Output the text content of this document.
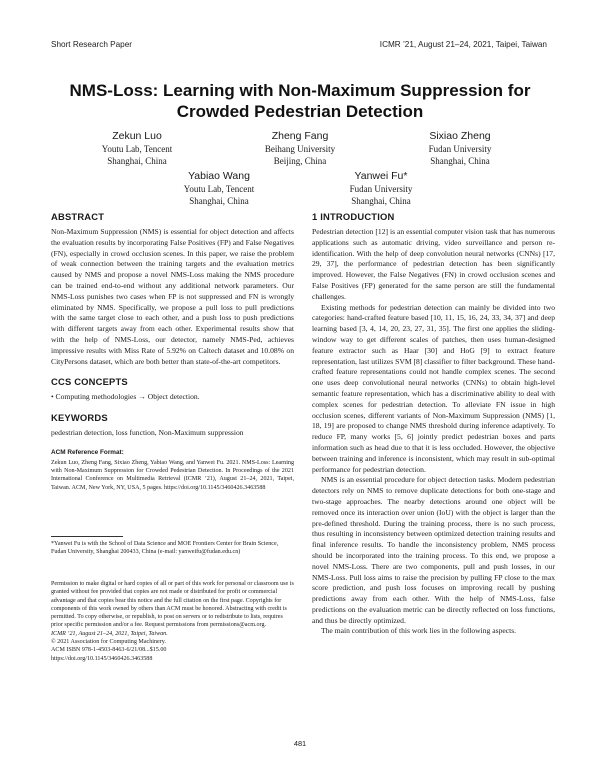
Short Research Paper	ICMR ’21, August 21–24, 2021, Taipei, Taiwan
NMS-Loss: Learning with Non-Maximum Suppression for
Crowded Pedestrian Detection
Zekun Luo
Youtu Lab, Tencent
Shanghai, China
Zheng Fang
Beihang University
Beijing, China
Sixiao Zheng
Fudan University
Shanghai, China
Yabiao Wang
Youtu Lab, Tencent
Shanghai, China
Yanwei Fu*
Fudan University
Shanghai, China
ABSTRACT

Non-Maximum Suppression (NMS) is essential for object detection and affects the evaluation results by incorporating False Positives (FP) and False Negatives (FN), especially in crowd occlusion scenes. In this paper, we raise the problem of weak connection between the training targets and the evaluation metrics caused by NMS and propose a novel NMS-Loss making the NMS procedure can be trained end-to-end without any additional network parameters. Our NMS-Loss punishes two cases when FP is not suppressed and FN is wrongly eliminated by NMS. Specifically, we propose a pull loss to pull predictions with the same target close to each other, and a push loss to push predictions with different targets away from each other. Experimental results show that with the help of NMS-Loss, our detector, namely NMS-Ped, achieves impressive results with Miss Rate of 5.92% on Caltech dataset and 10.08% on CityPersons dataset, which are both better than state-of-the-art competitors.

CCS CONCEPTS

• Computing methodologies → Object detection.

KEYWORDS

pedestrian detection, loss function, Non-Maximum suppression

ACM Reference Format:

Zekun Luo, Zheng Fang, Sixiao Zheng, Yabiao Wang, and Yanwei Fu. 2021. NMS-Loss: Learning with Non-Maximum Suppression for Crowded Pedestrian Detection. In Proceedings of the 2021 International Conference on Multimedia Retrieval (ICMR ’21), August 21–24, 2021, Taipei, Taiwan. ACM, New York, NY, USA, 5 pages. https://doi.org/10.1145/3460426.3463588

*Yanwei Fu is with the School of Data Science and MOE Frontiers Center for Brain Science, Fudan University, Shanghai 200433, China (e-mail: yanweifu@fudan.edu.cn)

Permission to make digital or hard copies of all or part of this work for personal or classroom use is granted without fee provided that copies are not made or distributed for profit or commercial advantage and that copies bear this notice and the full citation on the first page. Copyrights for components of this work owned by others than ACM must be honored. Abstracting with credit is permitted. To copy otherwise, or republish, to post on servers or to redistribute to lists, requires prior specific permission and/or a fee. Request permissions from permissions@acm.org.

ICMR ’21, August 21–24, 2021, Taipei, Taiwan.

© 2021 Association for Computing Machinery.

ACM ISBN 978-1-4503-8463-6/21/08...$15.00

https://doi.org/10.1145/3460426.3463588

1 INTRODUCTION

Pedestrian detection [12] is an essential computer vision task that has numerous applications such as automatic driving, video surveillance and person re-identification. With the help of deep convolution neural networks (CNNs) [17, 29, 37], the performance of pedestrian detection has been significantly improved. However, the False Negatives (FN) in crowd occlusion scenes and False Positives (FP) generated for the same person are still the fundamental challenges.

Existing methods for pedestrian detection can mainly be divided into two categories: hand-crafted feature based [10, 11, 15, 16, 24, 33, 34, 37] and deep learning based [3, 4, 14, 20, 23, 27, 31, 35]. The first one applies the sliding-window way to get different scales of patches, then uses human-designed feature extractor such as Haar [30] and HoG [9] to extract feature representation, last utilizes SVM [8] classifier to filter background. These hand-crafted feature representations could not handle complex scenes. The second one uses deep convolutional neural networks (CNNs) to obtain high-level semantic feature representation, which has a discriminative ability to deal with complex scenes for pedestrian detection. To alleviate FN issue in high occlusion scenes, different variants of Non-Maximum Suppression (NMS) [1, 18, 19] are proposed to change NMS threshold during inference adaptively. To reduce FP, many works [5, 6] jointly predict pedestrian boxes and parts information such as head due to that it is less occluded. However, the objective between training and inference is inconsistent, which may result in sub-optimal performance for pedestrian detection.

NMS is an essential procedure for object detection tasks. Modern pedestrian detectors rely on NMS to remove duplicate detections for both one-stage and two-stage approaches. The nearby detections around one object will be removed once its interaction over union (IoU) with the object is larger than the pre-defined threshold. During the training process, there is no such process, thus resulting in inconsistency between optimized detection training results and final inference results. To handle the inconsistency problem, NMS process should be incorporated into the training process. To this end, we propose a novel NMS-Loss. There are two components, pull and push losses, in our NMS-Loss. Pull loss aims to raise the precision by pulling FP close to the max score prediction, and push loss focuses on improving recall by pushing predictions away from each other. With the help of NMS-Loss, false predictions on the evaluation metric can be directly reflected on loss functions, and thus be directly optimized.

The main contribution of this work lies in the following aspects.

481
